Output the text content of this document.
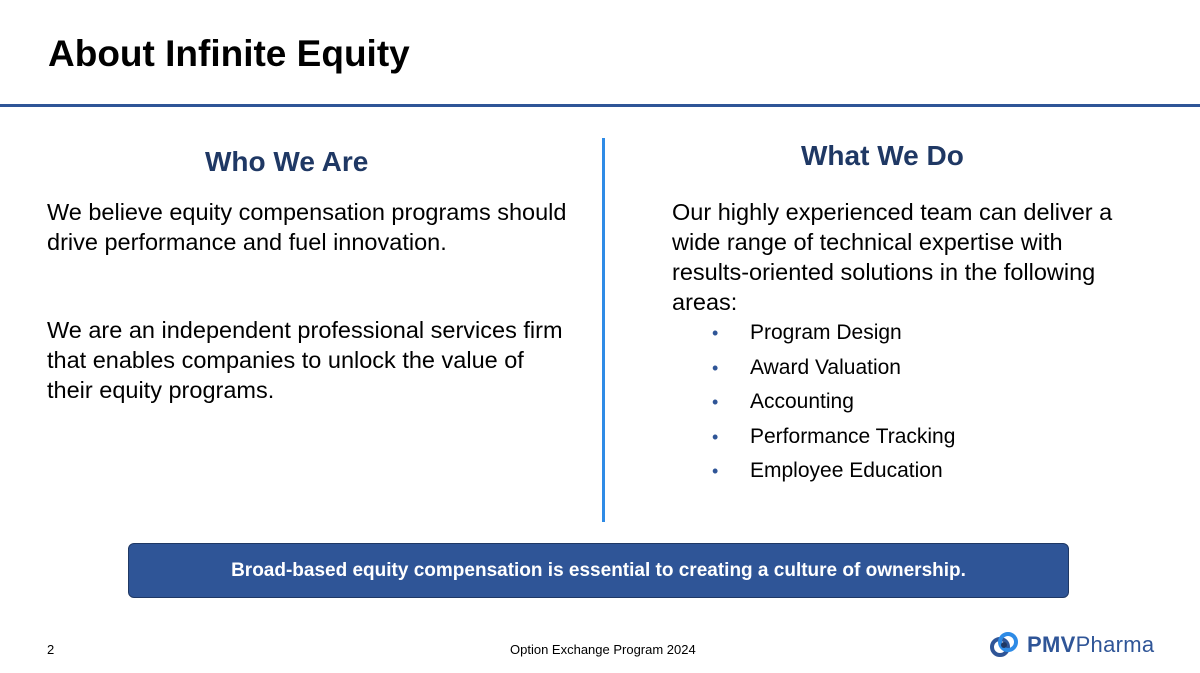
About Infinite Equity
Who We Are

We believe equity compensation programs should drive performance and fuel innovation.

We are an independent professional services firm that enables companies to unlock the value of their equity programs.

What We Do

Our highly experienced team can deliver a wide range of technical expertise with results-oriented solutions in the following areas:

• Program Design
• Award Valuation
• Accounting
• Performance Tracking
• Employee Education
Broad-based equity compensation is essential to creating a culture of ownership.
2	Option Exchange Program 2024	PMVPharma
